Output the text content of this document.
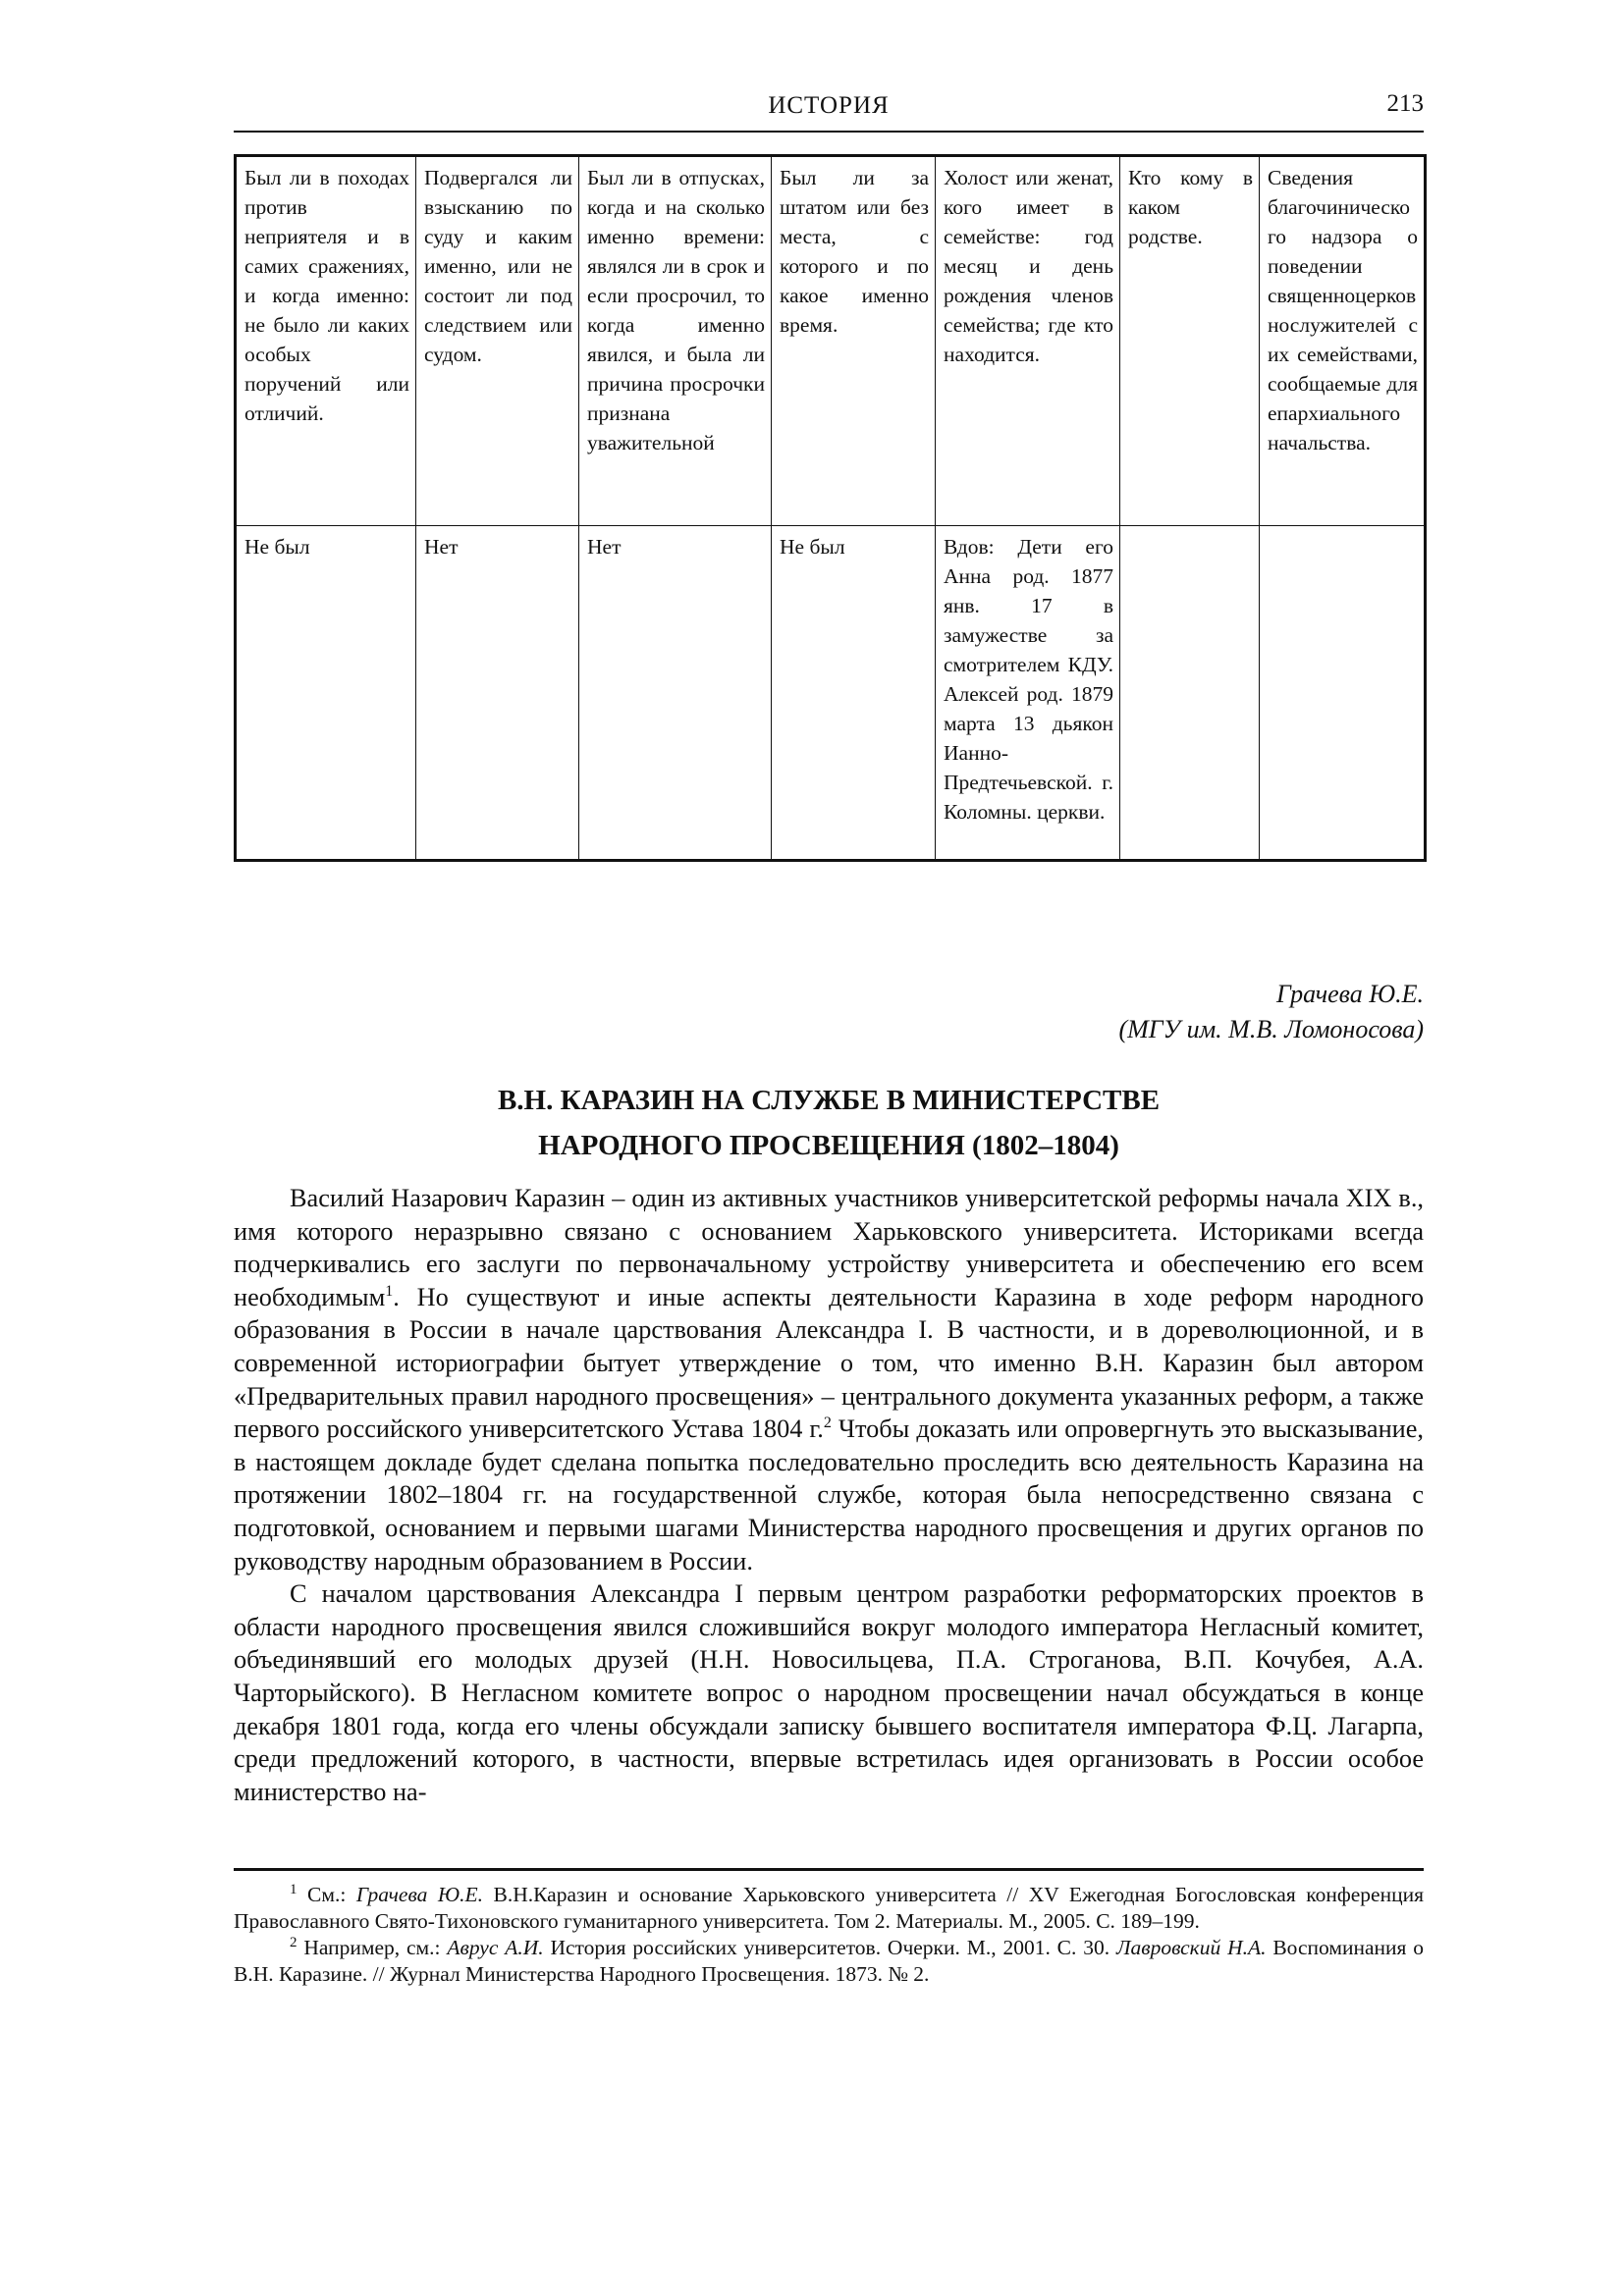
ИСТОРИЯ	213
Был ли в походах против неприятеля и в самих сражениях, и когда именно: не было ли каких особых поручений или отличий.	Подвергался ли взысканию по суду и каким именно, или не состоит ли под следствием или судом.	Был ли в отпусках, когда и на сколько именно времени: являлся ли в срок и если просрочил, то когда именно явился, и была ли причина просрочки признана уважительной	Был ли за штатом или без места, с которого и по какое именно время.	Холост или женат, кого имеет в семействе: год месяц и день рождения членов семейства; где кто находится.	Кто кому в каком родстве.	Сведения благочинического надзора о поведении священноцерковнослужителей с их семействами, сообщаемые для епархиального начальства.
Не был	Нет	Нет	Не был	Вдов: Дети его Анна род. 1877 янв. 17 в замужестве за смотрителем КДУ. Алексей род. 1879 марта 13 дьякон Ианно-Предтечьевской. г. Коломны. церкви.		
Грачева Ю.Е.
(МГУ им. М.В. Ломоносова)
В.Н. КАРАЗИН НА СЛУЖБЕ В МИНИСТЕРСТВЕ
НАРОДНОГО ПРОСВЕЩЕНИЯ (1802–1804)

Василий Назарович Каразин – один из активных участников университетской реформы начала XIX в., имя которого неразрывно связано с основанием Харьковского университета. Историками всегда подчеркивались его заслуги по первоначальному устройству университета и обеспечению его всем необходимым$^1$. Но существуют и иные аспекты деятельности Каразина в ходе реформ народного образования в России в начале царствования Александра I. В частности, и в дореволюционной, и в современной историографии бытует утверждение о том, что именно В.Н. Каразин был автором «Предварительных правил народного просвещения» – центрального документа указанных реформ, а также первого российского университетского Устава 1804 г.$^2$ Чтобы доказать или опровергнуть это высказывание, в настоящем докладе будет сделана попытка последовательно проследить всю деятельность Каразина на протяжении 1802–1804 гг. на государственной службе, которая была непосредственно связана с подготовкой, основанием и первыми шагами Министерства народного просвещения и других органов по руководству народным образованием в России.

С началом царствования Александра I первым центром разработки реформаторских проектов в области народного просвещения явился сложившийся вокруг молодого императора Негласный комитет, объединявший его молодых друзей (Н.Н. Новосильцева, П.А. Строганова, В.П. Кочубея, А.А. Чарторыйского). В Негласном комитете вопрос о народном просвещении начал обсуждаться в конце декабря 1801 года, когда его члены обсуждали записку бывшего воспитателя императора Ф.Ц. Лагарпа, среди предложений которого, в частности, впервые встретилась идея организовать в России особое министерство на-

$^1$ См.: Грачева Ю.Е. В.Н.Каразин и основание Харьковского университета // XV Ежегодная Богословская конференция Православного Свято-Тихоновского гуманитарного университета. Том 2. Материалы. М., 2005. С. 189–199.

$^2$ Например, см.: Аврус А.И. История российских университетов. Очерки. М., 2001. С. 30. Лавровский Н.А. Воспоминания о В.Н. Каразине. // Журнал Министерства Народного Просвещения. 1873. № 2.
